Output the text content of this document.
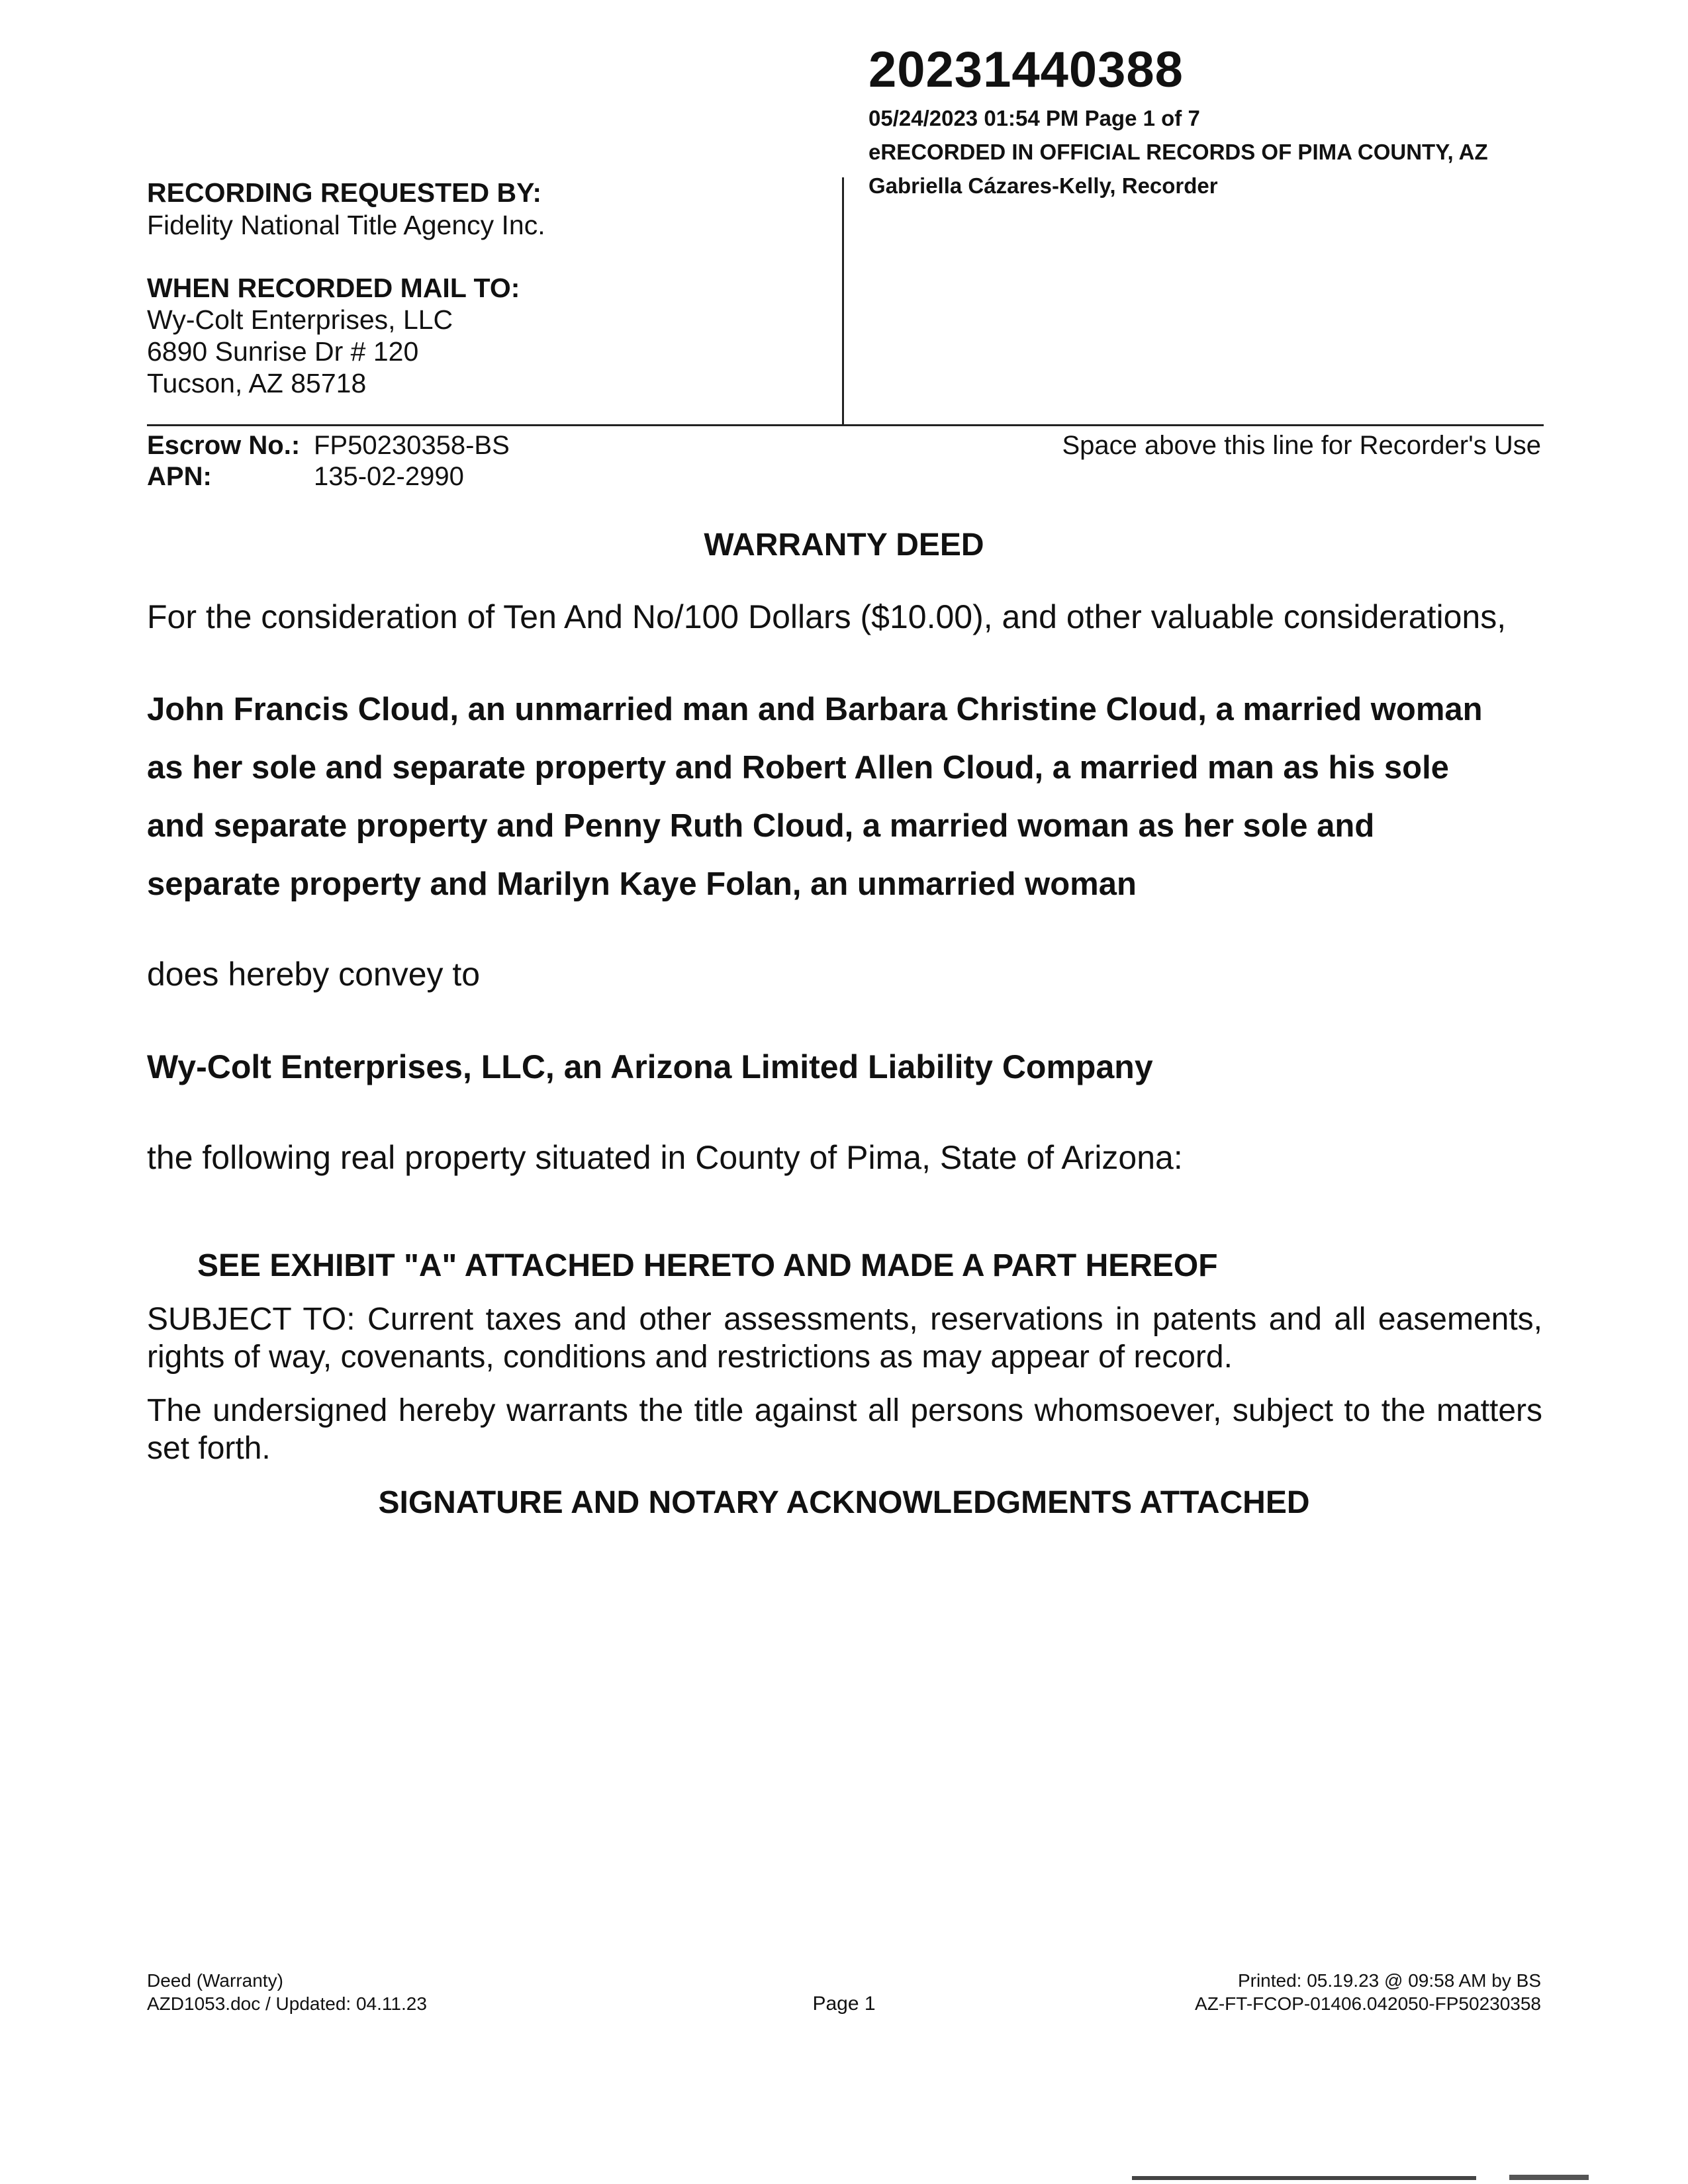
20231440388
05/24/2023 01:54 PM Page 1 of 7
eRECORDED IN OFFICIAL RECORDS OF PIMA COUNTY, AZ
Gabriella Cázares-Kelly, Recorder
RECORDING REQUESTED BY:
Fidelity National Title Agency Inc.
WHEN RECORDED MAIL TO:
Wy-Colt Enterprises, LLC
6890 Sunrise Dr # 120
Tucson, AZ 85718
Escrow No.: FP50230358-BS
APN:	135-02-2990
Space above this line for Recorder's Use
WARRANTY DEED
For the consideration of Ten And No/100 Dollars ($10.00), and other valuable considerations,
John Francis Cloud, an unmarried man and Barbara Christine Cloud, a married woman
as her sole and separate property and Robert Allen Cloud, a married man as his sole
and separate property and Penny Ruth Cloud, a married woman as her sole and
separate property and Marilyn Kaye Folan, an unmarried woman
does hereby convey to
Wy-Colt Enterprises, LLC, an Arizona Limited Liability Company
the following real property situated in County of Pima, State of Arizona:
SEE EXHIBIT "A" ATTACHED HERETO AND MADE A PART HEREOF
SUBJECT TO: Current taxes and other assessments, reservations in patents and all easements, rights of way, covenants, conditions and restrictions as may appear of record.
The undersigned hereby warrants the title against all persons whomsoever, subject to the matters set forth.
SIGNATURE AND NOTARY ACKNOWLEDGMENTS ATTACHED
Deed (Warranty)
AZD1053.doc / Updated: 04.11.23	Page 1
Printed: 05.19.23 @ 09:58 AM by BS
AZ-FT-FCOP-01406.042050-FP50230358
